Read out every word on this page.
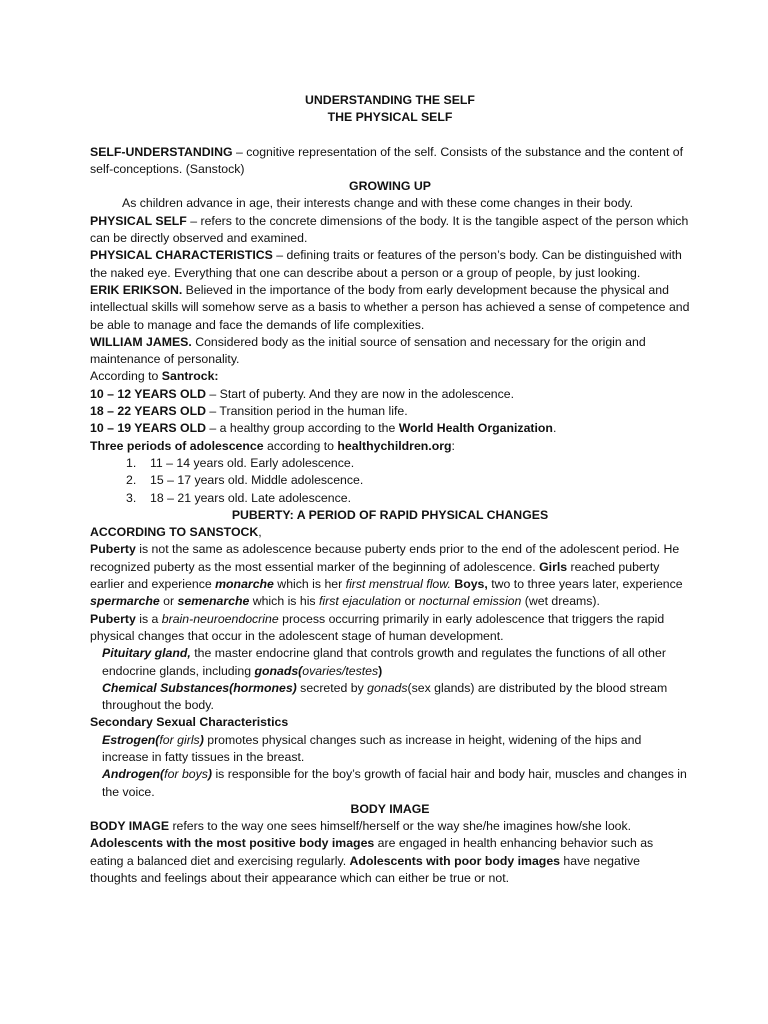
UNDERSTANDING THE SELF

THE PHYSICAL SELF

SELF-UNDERSTANDING – cognitive representation of the self. Consists of the substance and the content of self-conceptions. (Sanstock)

GROWING UP

As children advance in age, their interests change and with these come changes in their body.

PHYSICAL SELF – refers to the concrete dimensions of the body. It is the tangible aspect of the person which can be directly observed and examined.

PHYSICAL CHARACTERISTICS – defining traits or features of the person’s body. Can be distinguished with the naked eye. Everything that one can describe about a person or a group of people, by just looking.

ERIK ERIKSON. Believed in the importance of the body from early development because the physical and intellectual skills will somehow serve as a basis to whether a person has achieved a sense of competence and be able to manage and face the demands of life complexities.

WILLIAM JAMES. Considered body as the initial source of sensation and necessary for the origin and maintenance of personality.

According to Santrock:

10 – 12 YEARS OLD – Start of puberty. And they are now in the adolescence.

18 – 22 YEARS OLD – Transition period in the human life.

10 – 19 YEARS OLD – a healthy group according to the World Health Organization.

Three periods of adolescence according to healthychildren.org:

1.	11 – 14 years old. Early adolescence.
2.	15 – 17 years old. Middle adolescence.
3.	18 – 21 years old. Late adolescence.

PUBERTY: A PERIOD OF RAPID PHYSICAL CHANGES

ACCORDING TO SANSTOCK,

Puberty is not the same as adolescence because puberty ends prior to the end of the adolescent period. He recognized puberty as the most essential marker of the beginning of adolescence. Girls reached puberty earlier and experience monarche which is her first menstrual flow. Boys, two to three years later, experience spermarche or semenarche which is his first ejaculation or nocturnal emission (wet dreams).

Puberty is a brain-neuroendocrine process occurring primarily in early adolescence that triggers the rapid physical changes that occur in the adolescent stage of human development.

Pituitary gland, the master endocrine gland that controls growth and regulates the functions of all other endocrine glands, including gonads(ovaries/testes)

Chemical Substances(hormones) secreted by gonads(sex glands) are distributed by the blood stream throughout the body.

Secondary Sexual Characteristics

Estrogen(for girls) promotes physical changes such as increase in height, widening of the hips and increase in fatty tissues in the breast.

Androgen(for boys) is responsible for the boy’s growth of facial hair and body hair, muscles and changes in the voice.

BODY IMAGE

BODY IMAGE refers to the way one sees himself/herself or the way she/he imagines how/she look.

Adolescents with the most positive body images are engaged in health enhancing behavior such as eating a balanced diet and exercising regularly. Adolescents with poor body images have negative thoughts and feelings about their appearance which can either be true or not.
